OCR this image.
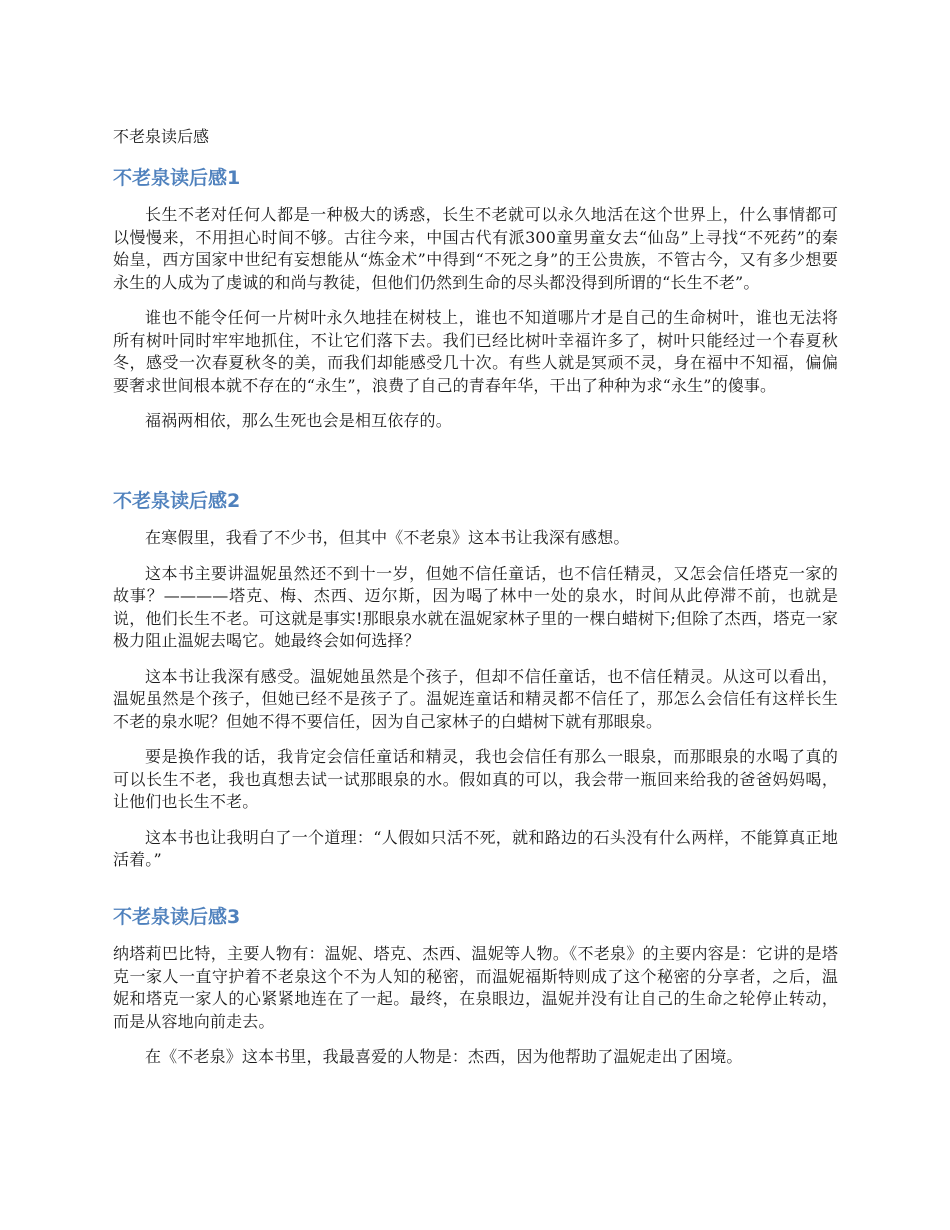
不老泉读后感
不老泉读后感1

长生不老对任何人都是一种极大的诱惑，长生不老就可以永久地活在这个世界上，什么事情都可以慢慢来，不用担心时间不够。古往今来，中国古代有派300童男童女去“仙岛”上寻找“不死药”的秦始皇，西方国家中世纪有妄想能从“炼金术”中得到“不死之身”的王公贵族，不管古今，又有多少想要永生的人成为了虔诚的和尚与教徒，但他们仍然到生命的尽头都没得到所谓的“长生不老”。

谁也不能令任何一片树叶永久地挂在树枝上，谁也不知道哪片才是自己的生命树叶，谁也无法将所有树叶同时牢牢地抓住，不让它们落下去。我们已经比树叶幸福许多了，树叶只能经过一个春夏秋冬，感受一次春夏秋冬的美，而我们却能感受几十次。有些人就是冥顽不灵，身在福中不知福，偏偏要奢求世间根本就不存在的“永生”，浪费了自己的青春年华，干出了种种为求“永生”的傻事。

福祸两相依，那么生死也会是相互依存的。

不老泉读后感2

在寒假里，我看了不少书，但其中《不老泉》这本书让我深有感想。

这本书主要讲温妮虽然还不到十一岁，但她不信任童话，也不信任精灵，又怎会信任塔克一家的故事？————塔克、梅、杰西、迈尔斯，因为喝了林中一处的泉水，时间从此停滞不前，也就是说，他们长生不老。可这就是事实!那眼泉水就在温妮家林子里的一棵白蜡树下;但除了杰西，塔克一家极力阻止温妮去喝它。她最终会如何选择？

这本书让我深有感受。温妮她虽然是个孩子，但却不信任童话，也不信任精灵。从这可以看出，温妮虽然是个孩子，但她已经不是孩子了。温妮连童话和精灵都不信任了，那怎么会信任有这样长生不老的泉水呢？但她不得不要信任，因为自己家林子的白蜡树下就有那眼泉。

要是换作我的话，我肯定会信任童话和精灵，我也会信任有那么一眼泉，而那眼泉的水喝了真的可以长生不老，我也真想去试一试那眼泉的水。假如真的可以，我会带一瓶回来给我的爸爸妈妈喝，让他们也长生不老。

这本书也让我明白了一个道理：“人假如只活不死，就和路边的石头没有什么两样，不能算真正地活着。”

不老泉读后感3

纳塔莉巴比特，主要人物有：温妮、塔克、杰西、温妮等人物。《不老泉》的主要内容是：它讲的是塔克一家人一直守护着不老泉这个不为人知的秘密，而温妮福斯特则成了这个秘密的分享者，之后，温妮和塔克一家人的心紧紧地连在了一起。最终，在泉眼边，温妮并没有让自己的生命之轮停止转动，而是从容地向前走去。

在《不老泉》这本书里，我最喜爱的人物是：杰西，因为他帮助了温妮走出了困境。
